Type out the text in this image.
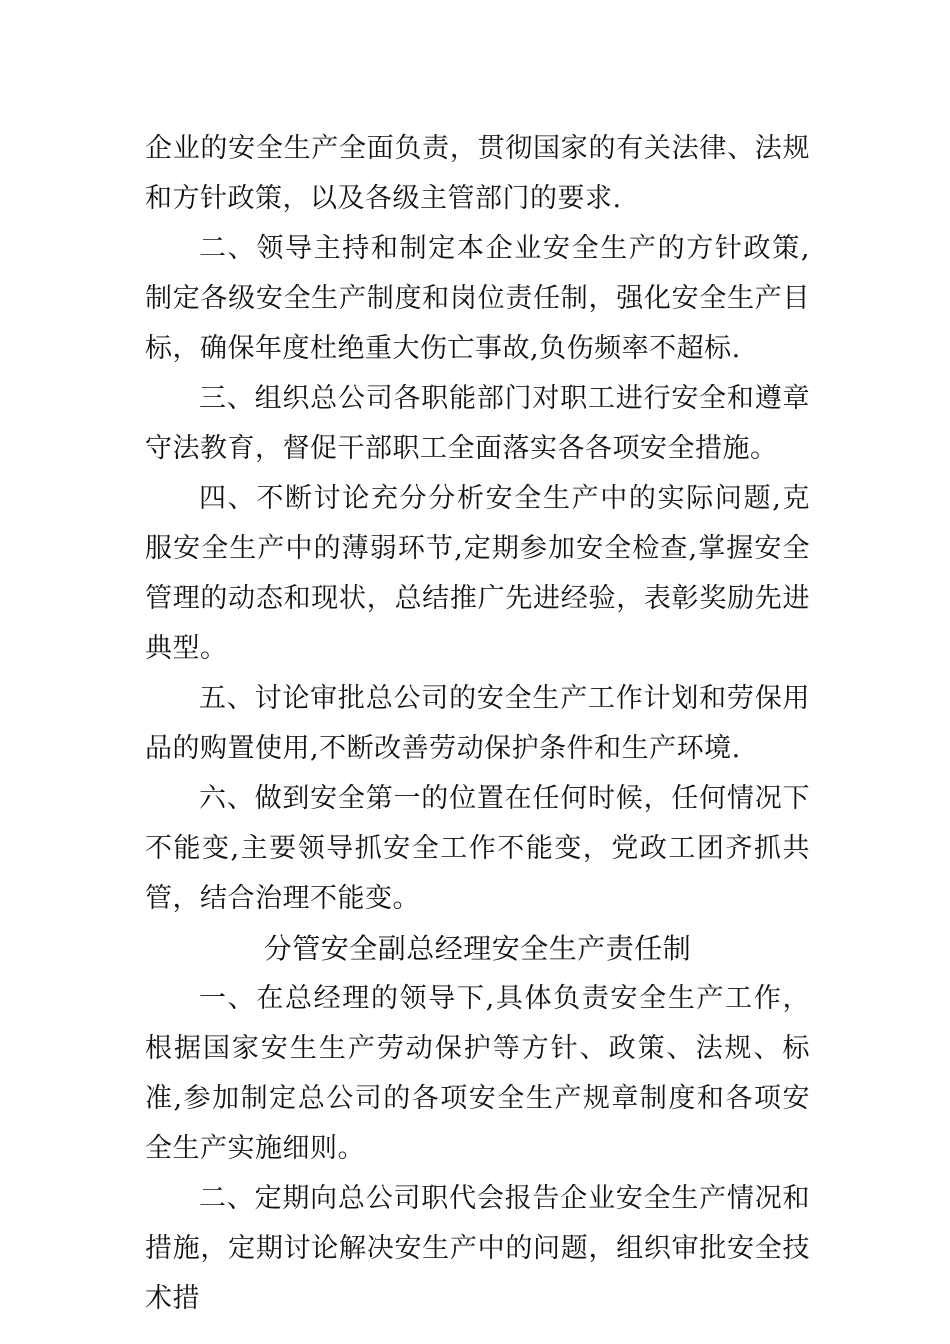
企业的安全生产全面负责，贯彻国家的有关法律、法规和方针政策，以及各级主管部门的要求.

二、领导主持和制定本企业安全生产的方针政策,制定各级安全生产制度和岗位责任制，强化安全生产目标，确保年度杜绝重大伤亡事故,负伤频率不超标.

三、组织总公司各职能部门对职工进行安全和遵章守法教育，督促干部职工全面落实各各项安全措施。

四、不断讨论充分分析安全生产中的实际问题,克服安全生产中的薄弱环节,定期参加安全检查,掌握安全管理的动态和现状，总结推广先进经验，表彰奖励先进典型。

五、讨论审批总公司的安全生产工作计划和劳保用品的购置使用,不断改善劳动保护条件和生产环境.

六、做到安全第一的位置在任何时候，任何情况下不能变,主要领导抓安全工作不能变，党政工团齐抓共管，结合治理不能变。

分管安全副总经理安全生产责任制

一、在总经理的领导下,具体负责安全生产工作，根据国家安生生产劳动保护等方针、政策、法规、标准,参加制定总公司的各项安全生产规章制度和各项安全生产实施细则。

二、定期向总公司职代会报告企业安全生产情况和措施，定期讨论解决安生产中的问题，组织审批安全技术措
